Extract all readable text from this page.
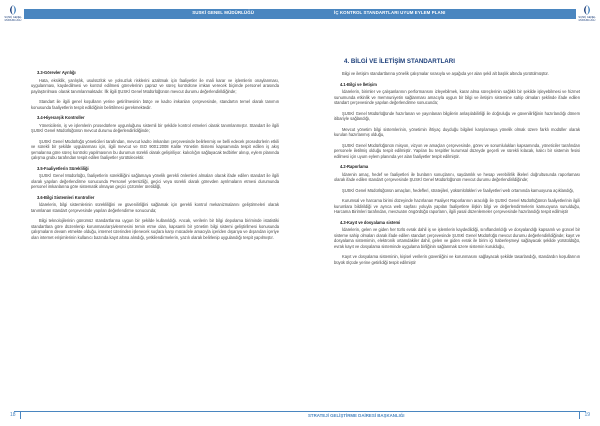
SUSKİ GENEL MÜDÜRLÜĞÜ
SUSKİ GENEL MÜDÜRLÜĞÜ
SUSKİ GENEL MÜDÜRLÜĞÜ	İÇ KONTROL STANDARTLARI UYUM EYLEM PLANI
3.3-Görevler Ayrılığı
Hata, eksiklik, yanlışlık, usulsüzlük ve yolsuzluk risklerini azaltmak için faaliyetler ile mali karar ve işlemlerin onaylanması, uygulanması, kaydedilmesi ve kontrol edilmesi görevlerinin çapraz ve süreç kontrolüne imkan verecek biçimde personel arasında paylaştırılması olarak tanımlanmaktadır. İlk ilgili ŞUSKİ Genel Müdürlüğünün mevcut durumu değerlendirildiğinde;
Standart ile ilgili genel koşulların yerine getirilmesinin bütçe ve kadro imkanları çerçevesinde, standartın temel olarak tanımın konusunda faaliyetlerin tespit edildiğinin belirtilmesi gerekmektedir.
3.4-Hiyerarşik Kontroller
Yöneticilerin, iş ve işlemlerin prosedürlere uygunluğunu sistemli bir şekilde kontrol etmeleri olarak tanımlanmıştır. Standart ile ilgili ŞUSKİ Genel Müdürlüğünün mevcut durumu değerlendirildiğinde;
ŞUSKİ Genel Müdürlüğü yöneticileri tarafından, mevcut kadro imkanları çerçevesinde belirlenmiş ve belli edecek prosedürlerin etkili ve sürekli bir şekilde uygulanması için, ilgili mevcut ve ISO 9001:2008 Kalite Yönetim Sistemi kapsamında tespit edilen iş akış şemalarına göre süreç kontrolü yapılmasının bu durumun sürekli olarak gelişiriliyor. kalıcılığın sağlayacak tedbirler alınıp, eylem planında çalışma grubu tarafından tespit edilen faaliyetler yürütülecektir.
3.5-Faaliyetlerin Sürekliliği
ŞUSKİ Genel Müdürlüğü, faaliyetlerin sürekliliğini sağlamaya yönelik gerekli önlemleri almaları olarak ifade edilen standart ile ilgili olarak yapılan değerlendirme sonucunda Personel yetersizliği, geçici veya sürekli olarak görevden ayrılmaların etmesi durumunda personel imkanlarına göre sistematik olmayan geçici çözümler üretildiği,
3.6-Bilgi Sistemleri Kontroller
İdarelerin, bilgi sistemlerinin sürekliliğini ve güvenilirliğini sağlamak için gerekli kontrol mekanizmalarını geliştirmeleri olarak tanımlanan standart çerçevesinde yapılan değerlendirme sonucunda;
Bilgi teknolojilerinin günümüz standartlarına uygun bir şekilde kullanıldığı. Ancak, verilerin bir bilgi depolama biriminde istatistiki standartlara göre düzenlenip korunması/arşivlenmesini temin etme olan, kapsamlı bir yönetim bilgi sistemi geliştirilmesi konusunda çalışmaların devam etmekte olduğu, internet üzerinden işlenecek suçlara karşı mücadele amacıyla içeriden dışarıya ve dışarıdan içeriye olan internet erişimlerinin kullanıcı bazında kayıt altına alındığı, yetkilendirmelerin, yazılı olarak belirlenip uygulandığı tespit yapılmıştır.
4. BİLGİ VE İLETİŞİM STANDARTLARI
Bilgi ve iletişim standartlarına yönelik çalışmalar sırasıyla ve aşağıda yer alan şekil alt başlık altında yürütülmüştür.
4.1-Bilgi ve İletişim
İdarelerin, birimler ve çalışanlarının performansını izleyebilmek, karar alma süreçlerinin sağlıklı bir şekilde işleyebilmesi ve hizmet sunumunda etkinlik ve memnuniyetin sağlanması amacıyla uygun bir bilgi ve iletişim sistemine sahip olmaları şeklinde ifade edilen standart çerçevesinde yapılan değerlendirme sonucunda;
ŞUSKİ Genel Müdürlüğünde hazırlanan ve yayınlanan bilgilerin anlaşılabilirliği ile doğruluğu ve güvenilirliğinin hazırlandığı dönem itibariyle sağlandığı,
Mevcut yönetim bilgi sistemlerinin, yönetimin ihtiyaç duyduğu bilgileri karşılamaya yönelik olmak üzere farklı modüller olarak kurulan hazırlanmış olduğu,
ŞUSKİ Genel Müdürlüğünün misyon, vizyon ve amaçları çerçevesinde, görev ve sorumlulukları kapsamında, yöneticiler tarafından personele iletilmiş olduğu tespit edilmiştir. Yapılan bu tespitler kurumsal düzeyde geçerli ve sürekli kılacak, kalıcı bir sistemin fesisi edilmesi için uyum eylem planında yer alan faaliyetler tespit edilmiştir.
4.2-Raporlama
İdarenin amaç, hedef ve faaliyetleri ile bunların sonuçlarını, saydamlık ve hesap verebilirlik ilkeleri doğrultusunda raporlaması olarak ifade edilen standart çerçevesinde ŞUSKİ Genel Müdürlüğünün mevcut durumu değerlendirildiğinde;
ŞUSKİ Genel Müdürlüğünün amaçları, hedefleri, stratejileri, yükümlülükleri ve faaliyetleri web ortamında kamuoyuna açıklandığı,
Kurumsal ve harcama birimi düzeyinde hazırlanan Faaliyet Raporlarının aracılığı ile ŞUSKİ Genel Müdürlüğünün faaliyetlerinin ilgili kurumlara bildirildiği ve ayrıca web sayfası yoluyla yapılan faaliyetlere ilişkin bilgi ve değerlendirmelerin kamuoyuna sunulduğu, Harcama Birimleri tarafından, mevzuatın öngördüğü raporların, ilgili yasal düzenlemeler çerçevesinde hazırlandığı tespit edilmiştir
4.3-Kayıt ve dosyalama sistemi
İdarelerin, gelen ve giden her türlü evrak dahil iş ve işlemlerin kaydedildiği, sınıflandırıldığı ve dosyalandığı kapsamlı ve güncel bir sisteme sahip olmaları olarak ifade edilen standart çerçevesinde ŞUSKİ Genel Müdürlüğü mevcut durumu değerlendirildiğinde; kayıt ve dosyalama sistemimin, elektronik ortamdakiler dahil, gelen ve giden evrak ile birim içi haberleşmeyi sağlayacak şekilde yürütüldüğü, evrak kayıt ve dosyalama sisteminde uygulama birliğinin sağlanmak üzere sistemin kurulduğu,
Kayıt ve dosyalama sisteminin, kişisel verilerin güvenliğini ve korunmasını sağlayacak şekilde tasarlandığı, standardın koşullarının büyük ölçüde yerine getirildiği tespit edilmiştir
18	19
STRATEJİ GELİŞTİRME DAİRESİ BAŞKANLIĞI
